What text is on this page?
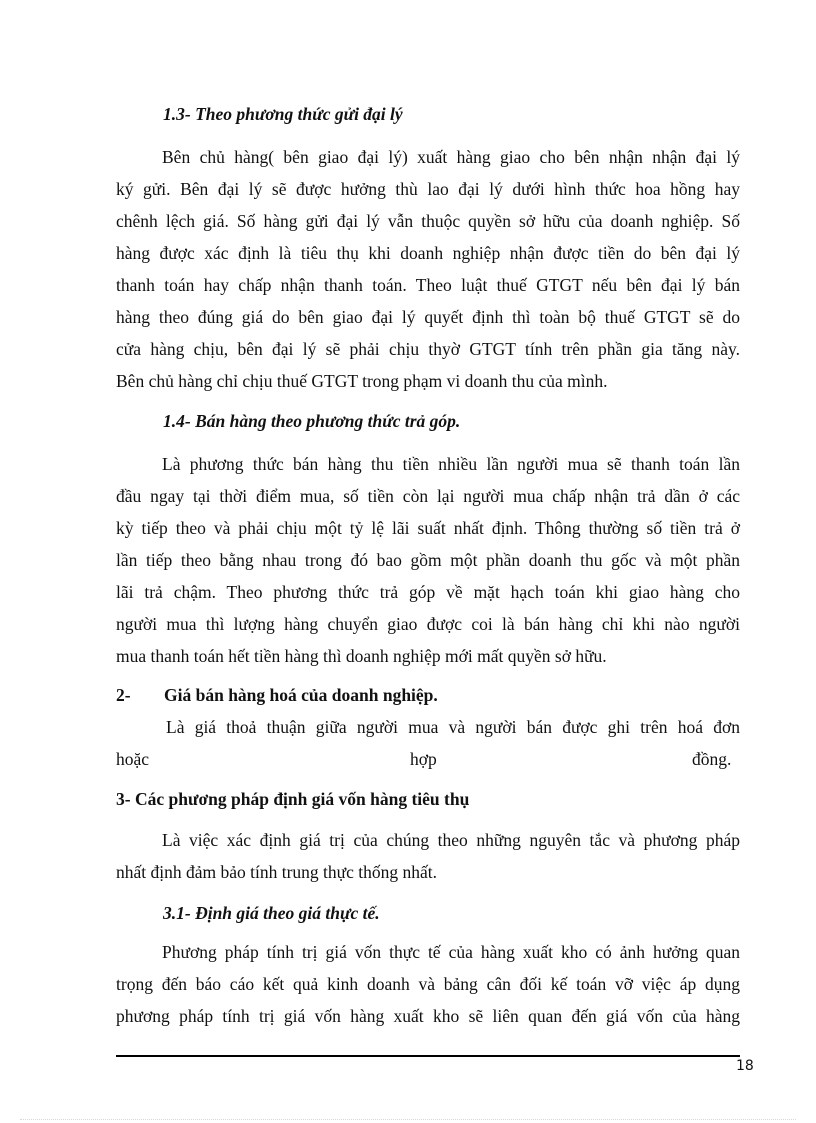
1.3- Theo phương thức gửi đại lý
Bên chủ hàng( bên giao đại lý) xuất hàng giao cho bên nhận nhận đại lý
ký gửi. Bên đại lý sẽ được hưởng thù lao đại lý dưới hình thức hoa hồng hay
chênh lệch giá. Số hàng gửi đại lý vẫn thuộc quyền sở hữu của doanh nghiệp. Số
hàng được xác định là tiêu thụ khi doanh nghiệp nhận được tiền do bên đại lý
thanh toán hay chấp nhận thanh toán. Theo luật thuế GTGT nếu bên đại lý bán
hàng theo đúng giá do bên giao đại lý quyết định thì toàn bộ thuế GTGT sẽ do
cửa hàng chịu, bên đại lý sẽ phải chịu thyờ GTGT tính trên phần gia tăng này.
Bên chủ hàng chỉ chịu thuế GTGT trong phạm vi doanh thu của mình.
1.4- Bán hàng theo phương thức trả góp.
Là phương thức bán hàng thu tiền nhiều lần người mua sẽ thanh toán lần
đầu ngay tại thời điểm mua, số tiền còn lại người mua chấp nhận trả dần ở các
kỳ tiếp theo và phải chịu một tỷ lệ lãi suất nhất định. Thông thường số tiền trả ở
lần tiếp theo bằng nhau trong đó bao gồm một phần doanh thu gốc và một phần
lãi trả chậm. Theo phương thức trả góp về mặt hạch toán khi giao hàng cho
người mua thì lượng hàng chuyển giao được coi là bán hàng chỉ khi nào người
mua thanh toán hết tiền hàng thì doanh nghiệp mới mất quyền sở hữu.
2- Giá bán hàng hoá của doanh nghiệp.
Là giá thoả thuận giữa người mua và người bán được ghi trên hoá đơn
hoặc	hợp	đồng.
3- Các phương pháp định giá vốn hàng tiêu thụ
Là việc xác định giá trị của chúng theo những nguyên tắc và phương pháp
nhất định đảm bảo tính trung thực thống nhất.
3.1- Định giá theo giá thực tế.
Phương pháp tính trị giá vốn thực tế của hàng xuất kho có ảnh hưởng quan
trọng đến báo cáo kết quả kinh doanh và bảng cân đối kế toán vỡ việc áp dụng
phương pháp tính trị giá vốn hàng xuất kho sẽ liên quan đến giá vốn của hàng
18
